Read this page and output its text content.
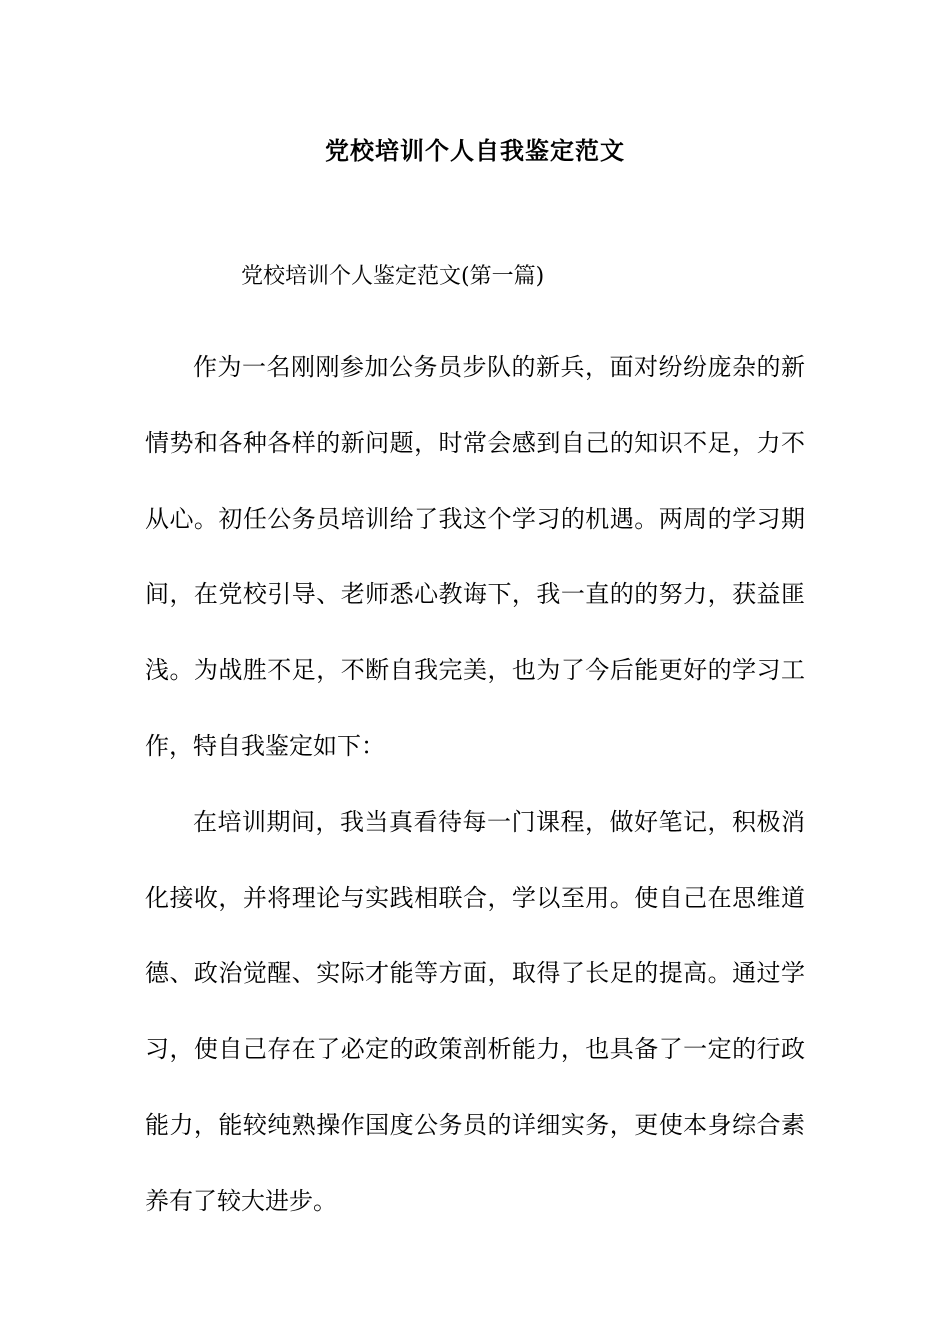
党校培训个人自我鉴定范文
党校培训个人鉴定范文(第一篇)

作为一名刚刚参加公务员步队的新兵，面对纷纷庞杂的新
情势和各种各样的新问题，时常会感到自己的知识不足，力不
从心。初任公务员培训给了我这个学习的机遇。两周的学习期
间，在党校引导、老师悉心教诲下，我一直的的努力，获益匪
浅。为战胜不足，不断自我完美，也为了今后能更好的学习工
作，特自我鉴定如下：

在培训期间，我当真看待每一门课程，做好笔记，积极消
化接收，并将理论与实践相联合，学以至用。使自己在思维道
德、政治觉醒、实际才能等方面，取得了长足的提高。通过学
习，使自己存在了必定的政策剖析能力，也具备了一定的行政
能力，能较纯熟操作国度公务员的详细实务，更使本身综合素
养有了较大进步。
